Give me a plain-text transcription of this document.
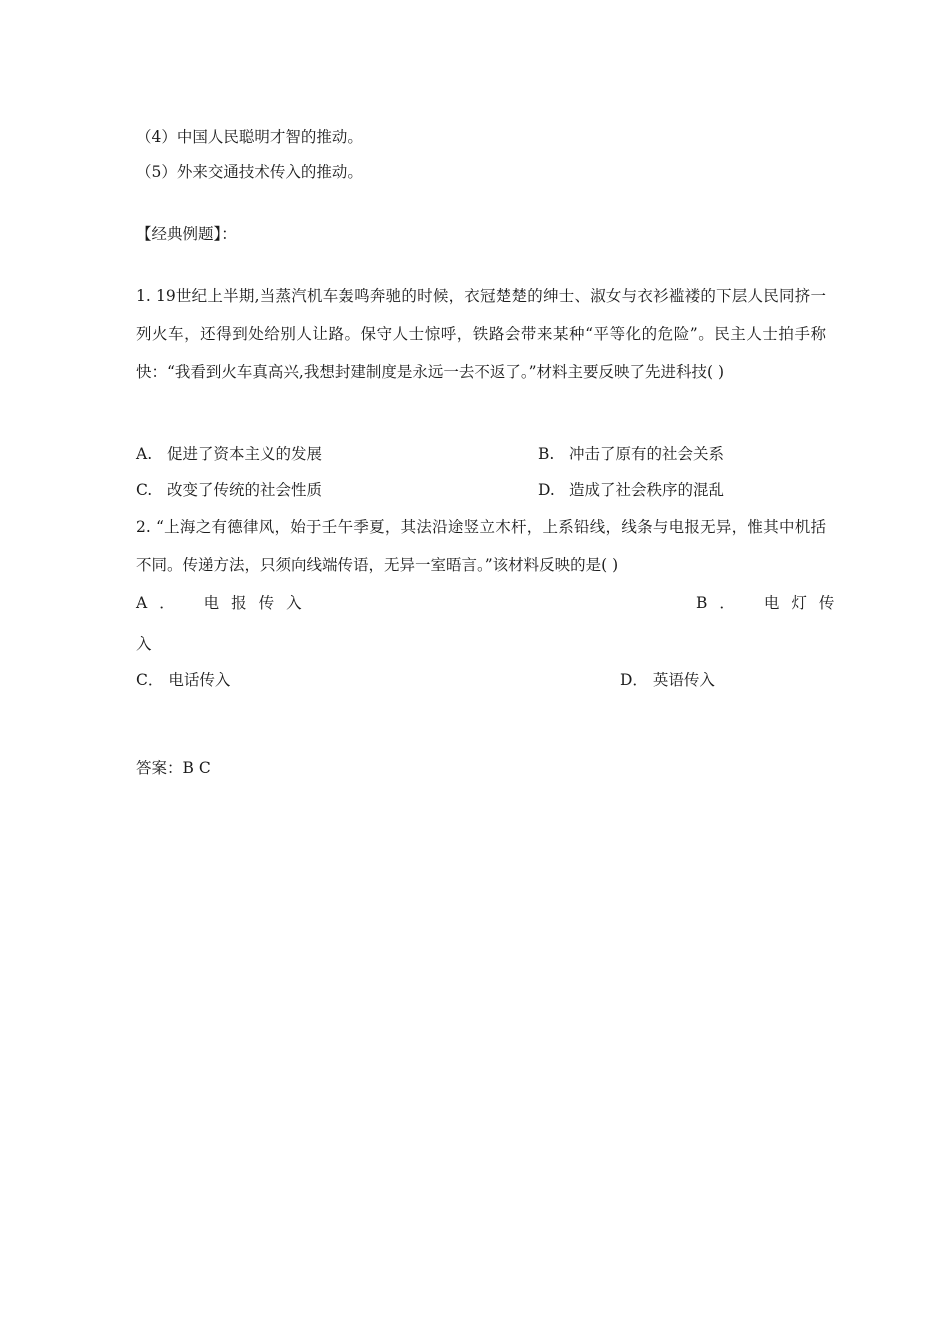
（4）中国人民聪明才智的推动。
（5）外来交通技术传入的推动。
【经典例题】：
1. 19世纪上半期,当蒸汽机车轰鸣奔驰的时候，衣冠楚楚的绅士、淑女与衣衫褴褛的下层人民同挤一列火车，还得到处给别人让路。保守人士惊呼，铁路会带来某种“平等化的危险”。民主人士拍手称快：“我看到火车真高兴,我想封建制度是永远一去不返了。”材料主要反映了先进科技( )
A. 促进了资本主义的发展	B. 冲击了原有的社会关系
C. 改变了传统的社会性质	D. 造成了社会秩序的混乱
2. “上海之有德律风，始于壬午季夏，其法沿途竖立木杆，上系铅线，线条与电报无异，惟其中机括不同。传递方法，只须向线端传语，无异一室晤言。”该材料反映的是( )
A． 电报传入	B． 电灯传
入
C． 电话传入	D． 英语传入
答案：B C
